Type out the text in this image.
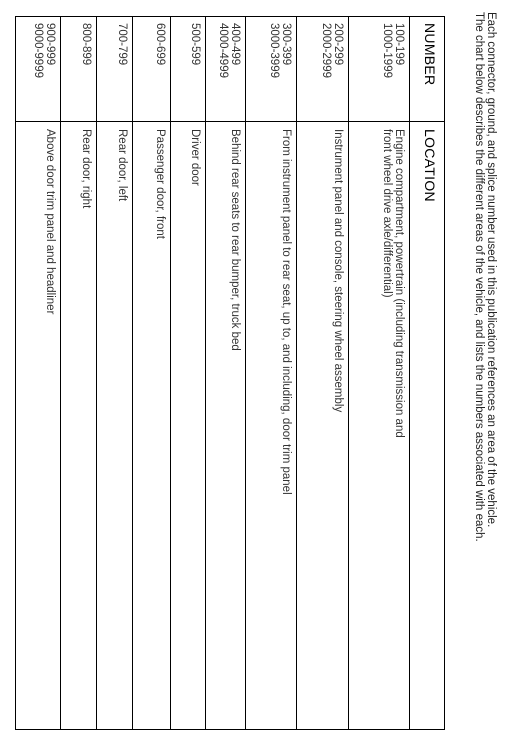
Each connector, ground, and splice number used in this publication references an area of the vehicle.

The chart below describes the different areas of the vehicle, and lists the numbers associated with each.

NUMBER
LOCATION
100-199
1000-1999
Engine compartment, powertrain (including transmission and
front wheel drive axle/differential)
200-299
2000-2999
Instrument panel and console, steering wheel assembly
300-399
3000-3999
From instrument panel to rear seat, up to, and including, door trim panel
400-499
4000-4999
Behind rear seats to rear bumper, truck bed
500-599
Driver door
600-699
Passenger door, front
700-799
Rear door, left
800-899
Rear door, right
900-999
9000-9999
Above door trim panel and headliner
